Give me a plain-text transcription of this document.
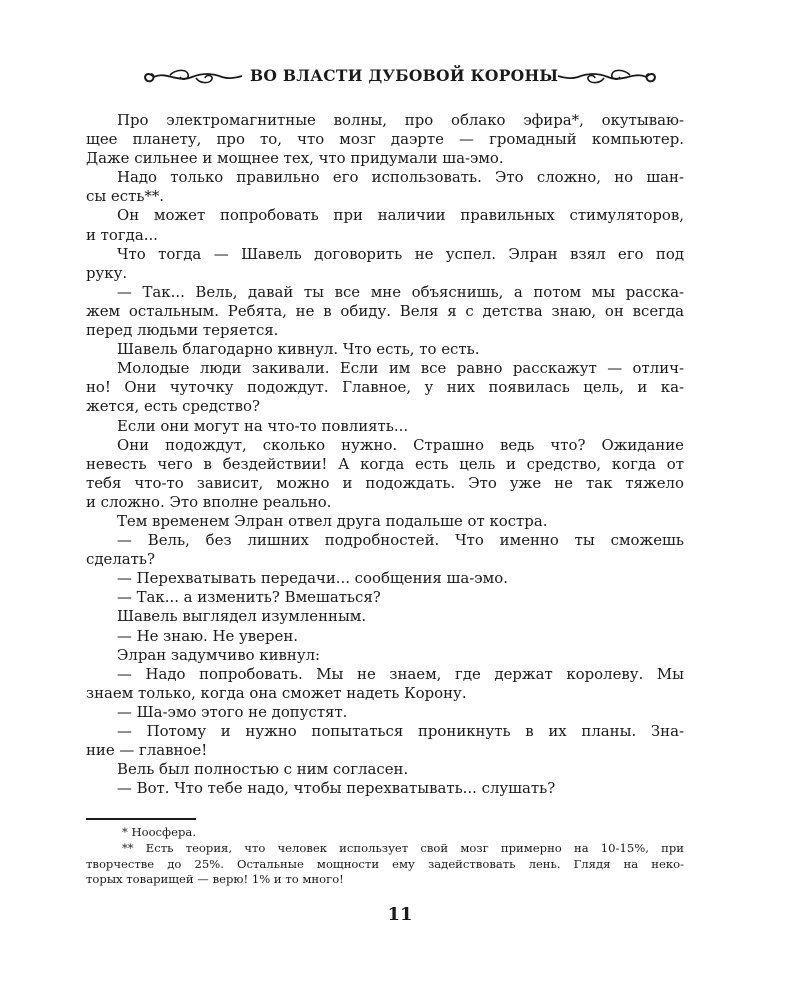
ВО ВЛАСТИ ДУБОВОЙ КОРОНЫ
Про электромагнитные волны, про облако эфира*, окутываю-
щее планету, про то, что мозг даэрте — громадный компьютер.
Даже сильнее и мощнее тех, что придумали ша-эмо.
Надо только правильно его использовать. Это сложно, но шан-
сы есть**.
Он может попробовать при наличии правильных стимуляторов,
и тогда...
Что тогда — Шавель договорить не успел. Элран взял его под
руку.
— Так... Вель, давай ты все мне объяснишь, а потом мы расска-
жем остальным. Ребята, не в обиду. Веля я с детства знаю, он всегда
перед людьми теряется.
Шавель благодарно кивнул. Что есть, то есть.
Молодые люди закивали. Если им все равно расскажут — отлич-
но! Они чуточку подождут. Главное, у них появилась цель, и ка-
жется, есть средство?
Если они могут на что-то повлиять...
Они подождут, сколько нужно. Страшно ведь что? Ожидание
невесть чего в бездействии! А когда есть цель и средство, когда от
тебя что-то зависит, можно и подождать. Это уже не так тяжело
и сложно. Это вполне реально.
Тем временем Элран отвел друга подальше от костра.
— Вель, без лишних подробностей. Что именно ты сможешь
сделать?
— Перехватывать передачи... сообщения ша-эмо.
— Так... а изменить? Вмешаться?
Шавель выглядел изумленным.
— Не знаю. Не уверен.
Элран задумчиво кивнул:
— Надо попробовать. Мы не знаем, где держат королеву. Мы
знаем только, когда она сможет надеть Корону.
— Ша-эмо этого не допустят.
— Потому и нужно попытаться проникнуть в их планы. Зна-
ние — главное!
Вель был полностью с ним согласен.
— Вот. Что тебе надо, чтобы перехватывать... слушать?
* Ноосфера.
** Есть теория, что человек использует свой мозг примерно на 10-15%, при
творчестве до 25%. Остальные мощности ему задействовать лень. Глядя на неко-
торых товарищей — верю! 1% и то много!
11
